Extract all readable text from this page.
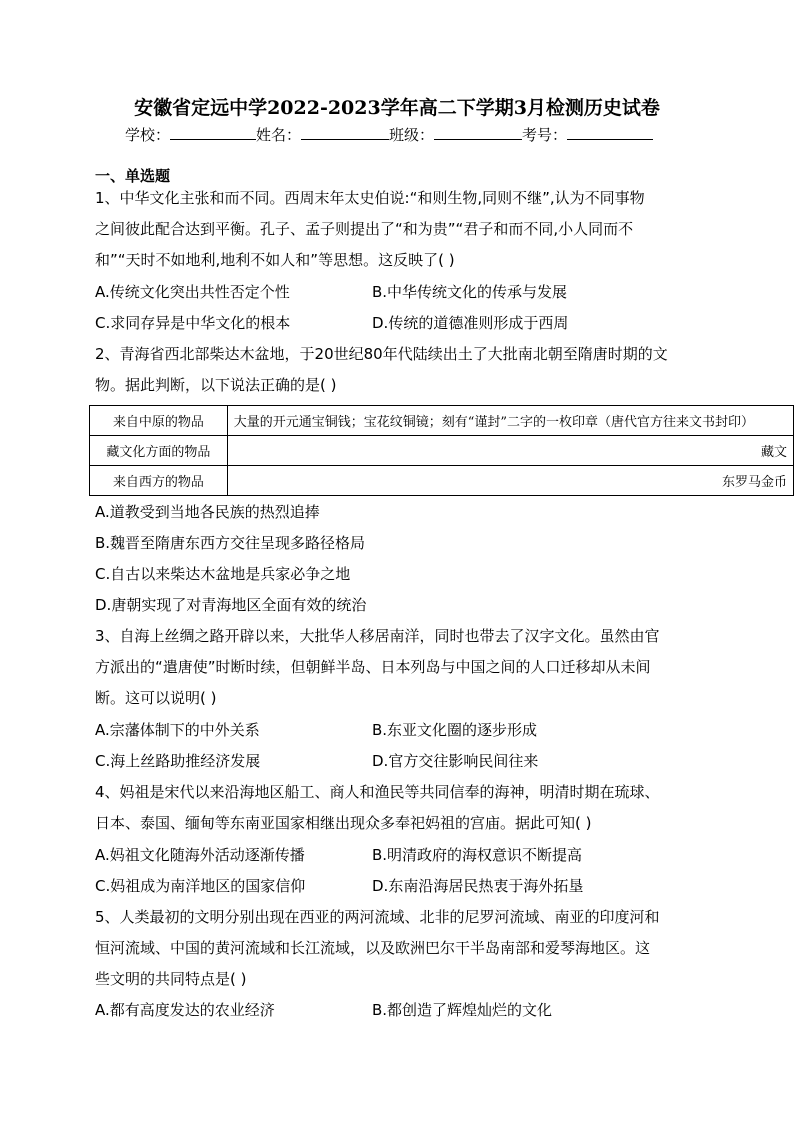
安徽省定远中学2022-2023学年高二下学期3月检测历史试卷
学校：	姓名：	班级：	考号：
一、单选题
1、中华文化主张和而不同。西周末年太史伯说:“和则生物,同则不继”,认为不同事物
之间彼此配合达到平衡。孔子、孟子则提出了“和为贵”“君子和而不同,小人同而不
和”“天时不如地利,地利不如人和”等思想。这反映了( )
A.传统文化突出共性否定个性	B.中华传统文化的传承与发展
C.求同存异是中华文化的根本	D.传统的道德准则形成于西周
2、青海省西北部柴达木盆地，于20世纪80年代陆续出土了大批南北朝至隋唐时期的文
物。据此判断，以下说法正确的是( )
来自中原的物品	大量的开元通宝铜钱；宝花纹铜镜；刻有“谨封”二字的一枚印章（唐代官方往来文书封印）
藏文化方面的物品	藏文
来自西方的物品	东罗马金币
A.道教受到当地各民族的热烈追捧
B.魏晋至隋唐东西方交往呈现多路径格局
C.自古以来柴达木盆地是兵家必争之地
D.唐朝实现了对青海地区全面有效的统治
3、自海上丝绸之路开辟以来，大批华人移居南洋，同时也带去了汉字文化。虽然由官
方派出的“遣唐使”时断时续，但朝鲜半岛、日本列岛与中国之间的人口迁移却从未间
断。这可以说明( )
A.宗藩体制下的中外关系	B.东亚文化圈的逐步形成
C.海上丝路助推经济发展	D.官方交往影响民间往来
4、妈祖是宋代以来沿海地区船工、商人和渔民等共同信奉的海神，明清时期在琉球、
日本、泰国、缅甸等东南亚国家相继出现众多奉祀妈祖的宫庙。据此可知( )
A.妈祖文化随海外活动逐渐传播	B.明清政府的海权意识不断提高
C.妈祖成为南洋地区的国家信仰	D.东南沿海居民热衷于海外拓垦
5、人类最初的文明分别出现在西亚的两河流域、北非的尼罗河流域、南亚的印度河和
恒河流域、中国的黄河流域和长江流域，以及欧洲巴尔干半岛南部和爱琴海地区。这
些文明的共同特点是( )
A.都有高度发达的农业经济	B.都创造了辉煌灿烂的文化
